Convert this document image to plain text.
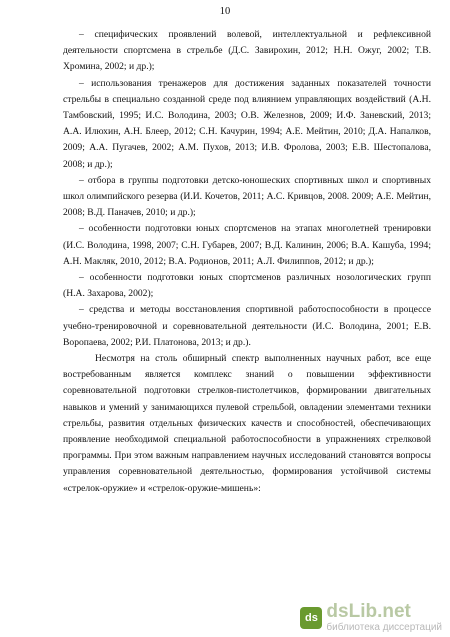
10

– специфических проявлений волевой, интеллектуальной и рефлексивной деятельности спортсмена в стрельбе (Д.С. Завирохин, 2012; Н.Н. Ожуг, 2002; Т.В. Хромина, 2002; и др.);

– использования тренажеров для достижения заданных показателей точности стрельбы в специально созданной среде под влиянием управляющих воздействий (А.Н. Тамбовский, 1995; И.С. Володина, 2003; О.В. Железнов, 2009; И.Ф. Заневский, 2013; А.А. Илюхин, А.Н. Блеер, 2012; С.Н. Качурин, 1994; А.Е. Мейтин, 2010; Д.А. Напалков, 2009; А.А. Пугачев, 2002; А.М. Пухов, 2013; И.В. Фролова, 2003; Е.В. Шестопалова, 2008; и др.);

– отбора в группы подготовки детско-юношеских спортивных школ и спортивных школ олимпийского резерва (И.И. Кочетов, 2011; А.С. Кривцов, 2008. 2009; А.Е. Мейтин, 2008; В.Д. Паначев, 2010; и др.);

– особенности подготовки юных спортсменов на этапах многолетней тренировки (И.С. Володина, 1998, 2007; С.Н. Губарев, 2007; В.Д. Калинин, 2006; В.А. Кашуба, 1994; А.Н. Макляк, 2010, 2012; В.А. Родионов, 2011; А.Л. Филиппов, 2012; и др.);

– особенности подготовки юных спортсменов различных нозологических групп (Н.А. Захарова, 2002);

– средства и методы восстановления спортивной работоспособности в процессе учебно-тренировочной и соревновательной деятельности (И.С. Володина, 2001; Е.В. Воропаева, 2002; Р.И. Платонова, 2013; и др.).

Несмотря на столь обширный спектр выполненных научных работ, все еще востребованным является комплекс знаний о повышении эффективности соревновательной подготовки стрелков-пистолетчиков, формировании двигательных навыков и умений у занимающихся пулевой стрельбой, овладении элементами техники стрельбы, развития отдельных физических качеств и способностей, обеспечивающих проявление необходимой специальной работоспособности в упражнениях стрелковой программы. При этом важным направлением научных исследований становятся вопросы управления соревновательной деятельностью, формирования устойчивой системы «стрелок-оружие» и «стрелок-оружие-мишень»:

ds dsLib.net
библиотека диссертаций
